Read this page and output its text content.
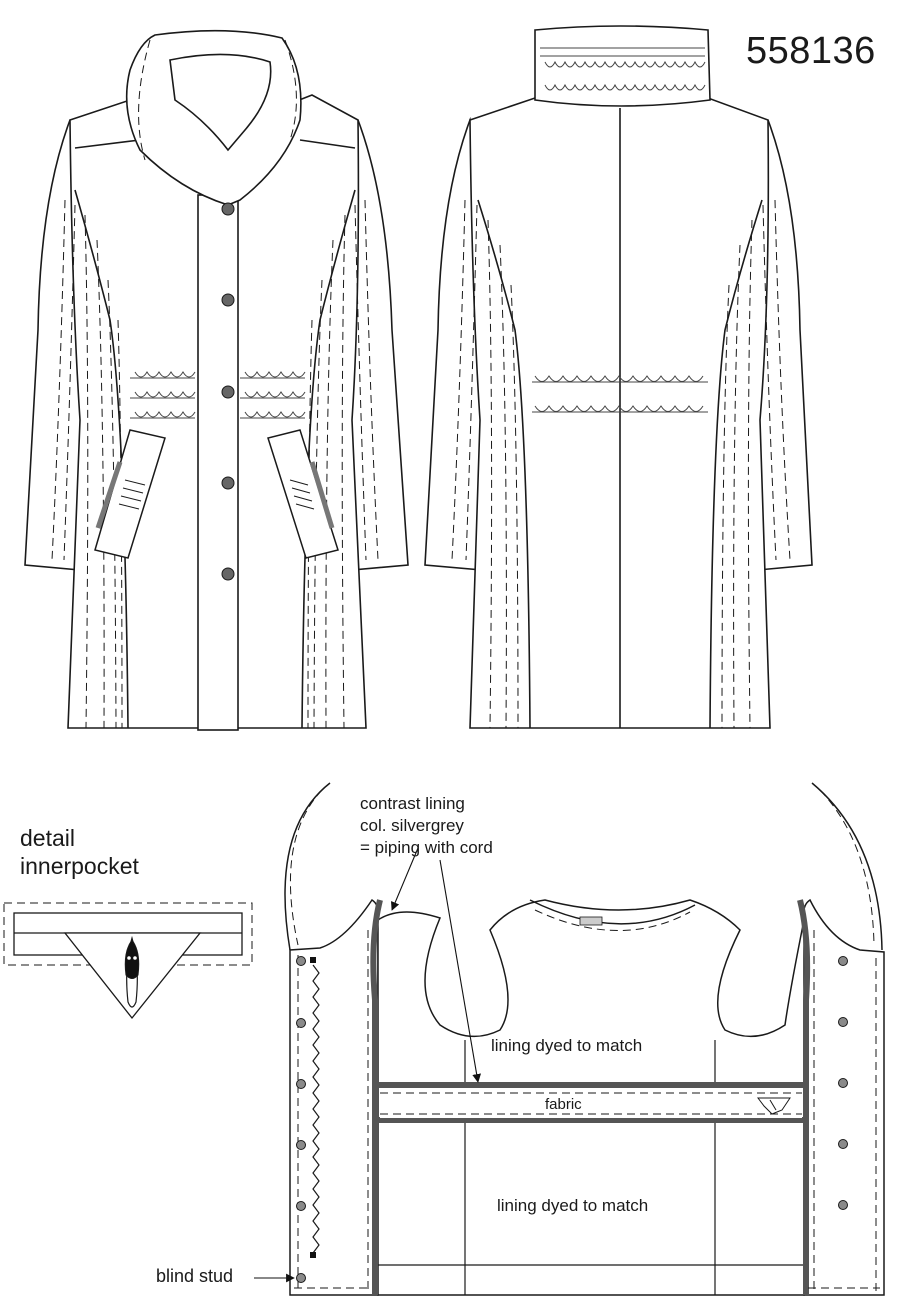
558136
detail
innerpocket
contrast lining
col. silvergrey
= piping with cord
lining dyed to match
fabric
lining dyed to match
blind stud
